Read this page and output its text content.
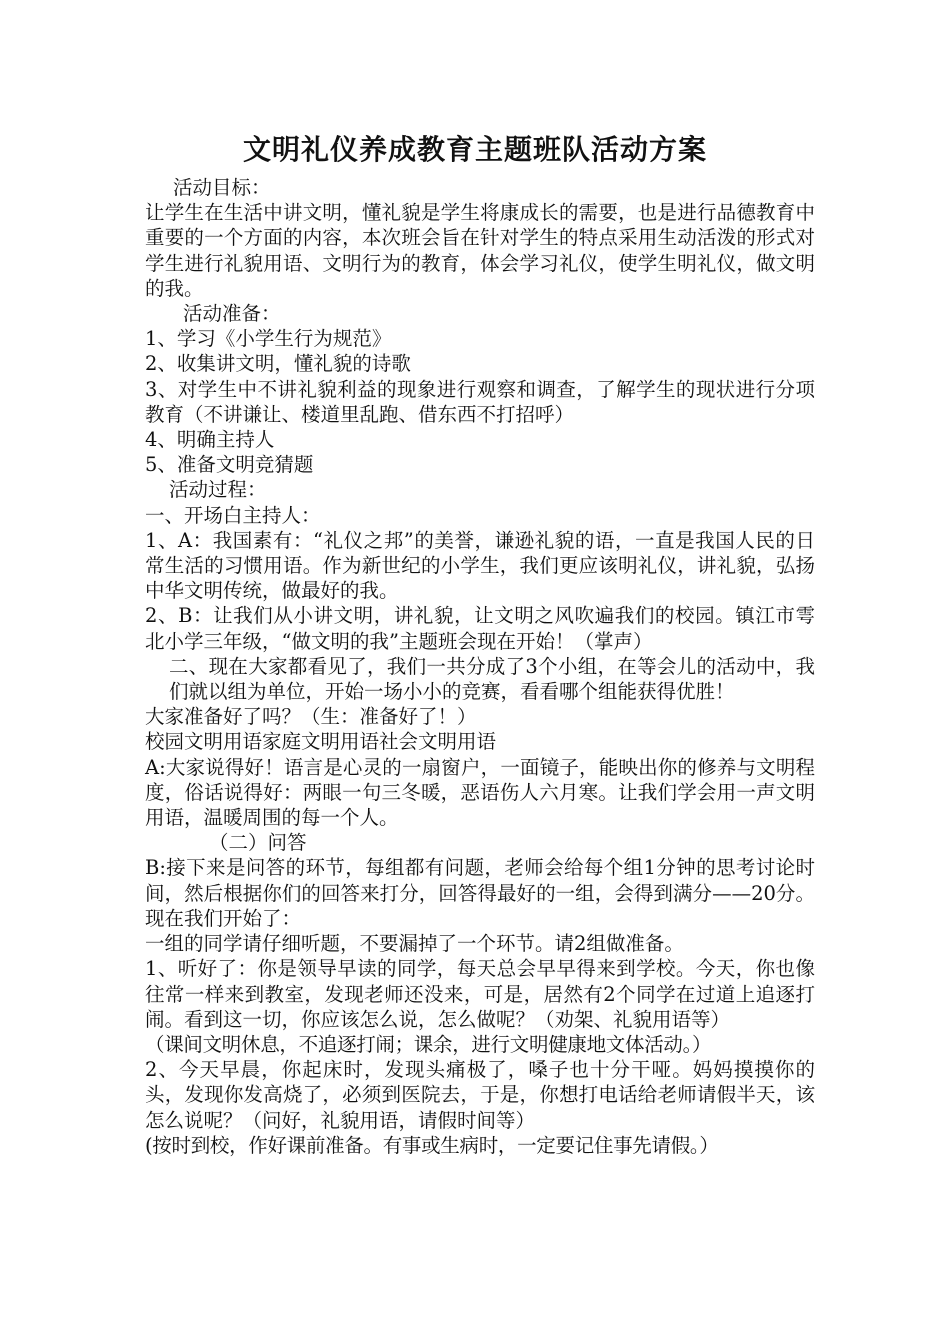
文明礼仪养成教育主题班队活动方案

活动目标：

让学生在生活中讲文明，懂礼貌是学生将康成长的需要，也是进行品德教育中重要的一个方面的内容，本次班会旨在针对学生的特点采用生动活泼的形式对学生进行礼貌用语、文明行为的教育，体会学习礼仪，使学生明礼仪，做文明的我。

活动准备：

1、学习《小学生行为规范》

2、收集讲文明，懂礼貌的诗歌

3、对学生中不讲礼貌利益的现象进行观察和调查，了解学生的现状进行分项教育（不讲谦让、楼道里乱跑、借东西不打招呼）

4、明确主持人

5、准备文明竞猜题

活动过程：

一、开场白主持人：

1、A：我国素有：“礼仪之邦”的美誉，谦逊礼貌的语，一直是我国人民的日常生活的习惯用语。作为新世纪的小学生，我们更应该明礼仪，讲礼貌，弘扬中华文明传统，做最好的我。

2、B：让我们从小讲文明，讲礼貌，让文明之风吹遍我们的校园。镇江市雩北小学三年级，“做文明的我”主题班会现在开始！（掌声）

二、现在大家都看见了，我们一共分成了3个小组，在等会儿的活动中，我们就以组为单位，开始一场小小的竞赛，看看哪个组能获得优胜！

大家准备好了吗？（生：准备好了！）

校园文明用语家庭文明用语社会文明用语

A:大家说得好！语言是心灵的一扇窗户，一面镜子，能映出你的修养与文明程度，俗话说得好：两眼一句三冬暖，恶语伤人六月寒。让我们学会用一声文明用语，温暖周围的每一个人。

（二）问答

B:接下来是问答的环节，每组都有问题，老师会给每个组1分钟的思考讨论时间，然后根据你们的回答来打分，回答得最好的一组，会得到满分——20分。现在我们开始了：

一组的同学请仔细听题，不要漏掉了一个环节。请2组做准备。

1、听好了：你是领导早读的同学，每天总会早早得来到学校。今天，你也像往常一样来到教室，发现老师还没来，可是，居然有2个同学在过道上追逐打闹。看到这一切，你应该怎么说，怎么做呢？（劝架、礼貌用语等）

（课间文明休息，不追逐打闹；课余，进行文明健康地文体活动。）

2、今天早晨，你起床时，发现头痛极了，嗓子也十分干哑。妈妈摸摸你的头，发现你发高烧了，必须到医院去，于是，你想打电话给老师请假半天，该怎么说呢？（问好，礼貌用语，请假时间等）

(按时到校，作好课前准备。有事或生病时，一定要记住事先请假。）
